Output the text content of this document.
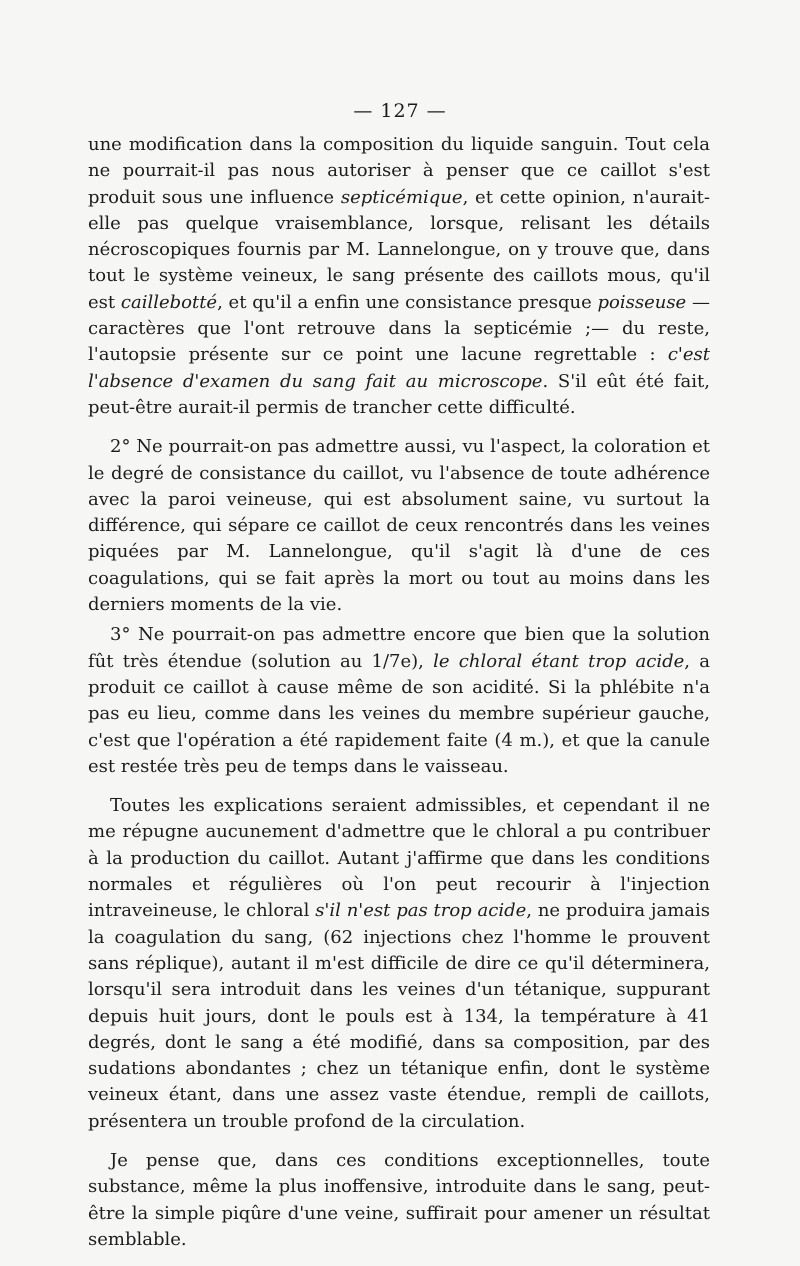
— 127 —

une modification dans la composition du liquide sanguin. Tout cela ne pourrait-il pas nous autoriser à penser que ce caillot s'est produit sous une influence septicémique, et cette opinion, n'aurait-elle pas quelque vraisemblance, lorsque, relisant les détails nécroscopiques fournis par M. Lannelongue, on y trouve que, dans tout le système veineux, le sang présente des caillots mous, qu'il est caillebotté, et qu'il a enfin une consistance presque poisseuse — caractères que l'ont retrouve dans la septicémie ;— du reste, l'autopsie présente sur ce point une lacune regrettable : c'est l'absence d'examen du sang fait au microscope. S'il eût été fait, peut-être aurait-il permis de trancher cette difficulté.

2° Ne pourrait-on pas admettre aussi, vu l'aspect, la coloration et le degré de consistance du caillot, vu l'absence de toute adhérence avec la paroi veineuse, qui est absolument saine, vu surtout la différence, qui sépare ce caillot de ceux rencontrés dans les veines piquées par M. Lannelongue, qu'il s'agit là d'une de ces coagulations, qui se fait après la mort ou tout au moins dans les derniers moments de la vie.

3° Ne pourrait-on pas admettre encore que bien que la solution fût très étendue (solution au 1/7e), le chloral étant trop acide, a produit ce caillot à cause même de son acidité. Si la phlébite n'a pas eu lieu, comme dans les veines du membre supérieur gauche, c'est que l'opération a été rapidement faite (4 m.), et que la canule est restée très peu de temps dans le vaisseau.

Toutes les explications seraient admissibles, et cependant il ne me répugne aucunement d'admettre que le chloral a pu contribuer à la production du caillot. Autant j'affirme que dans les conditions normales et régulières où l'on peut recourir à l'injection intraveineuse, le chloral s'il n'est pas trop acide, ne produira jamais la coagulation du sang, (62 injections chez l'homme le prouvent sans réplique), autant il m'est difficile de dire ce qu'il déterminera, lorsqu'il sera introduit dans les veines d'un tétanique, suppurant depuis huit jours, dont le pouls est à 134, la température à 41 degrés, dont le sang a été modifié, dans sa composition, par des sudations abondantes ; chez un tétanique enfin, dont le système veineux étant, dans une assez vaste étendue, rempli de caillots, présentera un trouble profond de la circulation.

Je pense que, dans ces conditions exceptionnelles, toute substance, même la plus inoffensive, introduite dans le sang, peut-être la simple piqûre d'une veine, suffirait pour amener un résultat semblable.
